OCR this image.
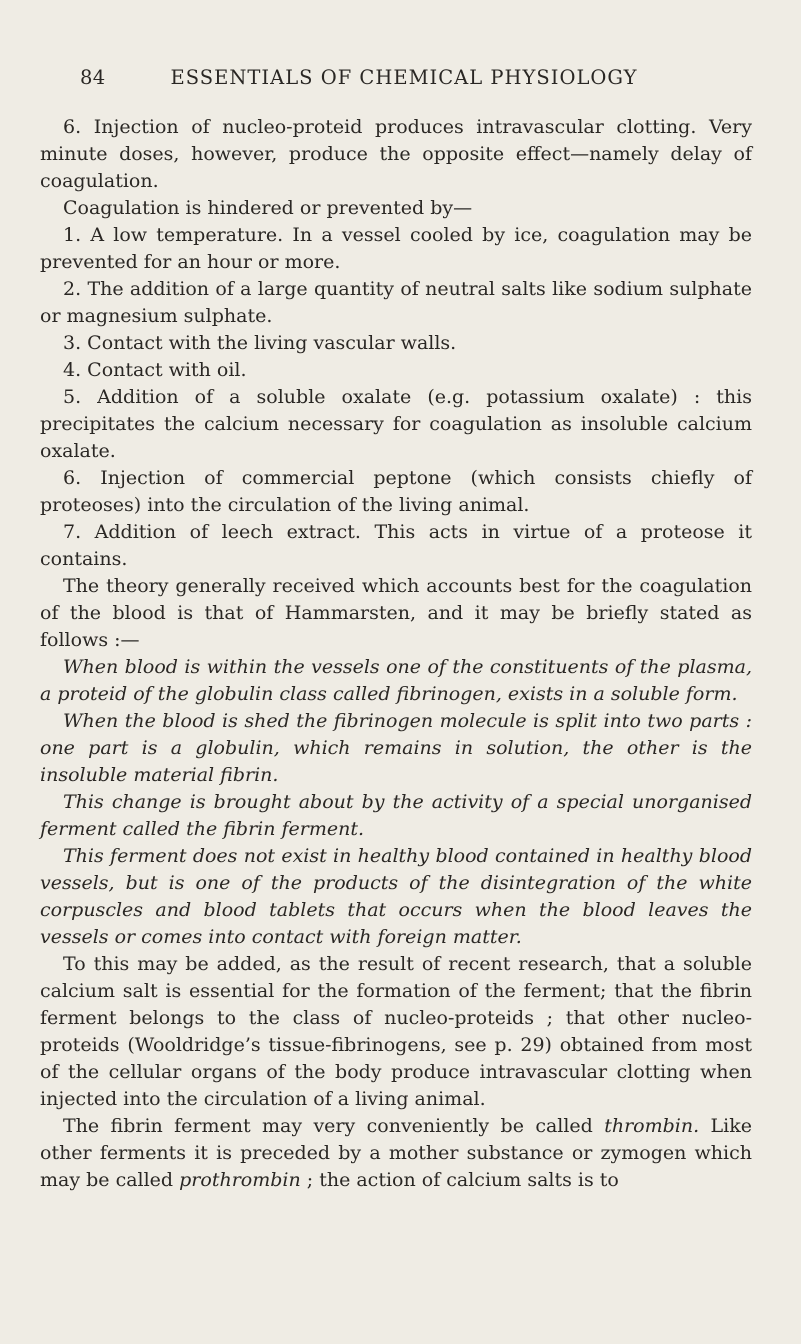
84	ESSENTIALS OF CHEMICAL PHYSIOLOGY

6. Injection of nucleo-proteid produces intravascular clotting. Very minute doses, however, produce the opposite effect—namely delay of coagulation.

Coagulation is hindered or prevented by—

1. A low temperature. In a vessel cooled by ice, coagulation may be prevented for an hour or more.

2. The addition of a large quantity of neutral salts like sodium sulphate or magnesium sulphate.

3. Contact with the living vascular walls.

4. Contact with oil.

5. Addition of a soluble oxalate (e.g. potassium oxalate) : this precipitates the calcium necessary for coagulation as insoluble calcium oxalate.

6. Injection of commercial peptone (which consists chiefly of proteoses) into the circulation of the living animal.

7. Addition of leech extract. This acts in virtue of a proteose it contains.

The theory generally received which accounts best for the coagulation of the blood is that of Hammarsten, and it may be briefly stated as follows :—

When blood is within the vessels one of the constituents of the plasma, a proteid of the globulin class called fibrinogen, exists in a soluble form.

When the blood is shed the fibrinogen molecule is split into two parts : one part is a globulin, which remains in solution, the other is the insoluble material fibrin.

This change is brought about by the activity of a special unorganised ferment called the fibrin ferment.

This ferment does not exist in healthy blood contained in healthy blood vessels, but is one of the products of the disintegration of the white corpuscles and blood tablets that occurs when the blood leaves the vessels or comes into contact with foreign matter.

To this may be added, as the result of recent research, that a soluble calcium salt is essential for the formation of the ferment; that the fibrin ferment belongs to the class of nucleo-proteids ; that other nucleo-proteids (Wooldridge’s tissue-fibrinogens, see p. 29) obtained from most of the cellular organs of the body produce intravascular clotting when injected into the circulation of a living animal.

The fibrin ferment may very conveniently be called thrombin. Like other ferments it is preceded by a mother substance or zymogen which may be called prothrombin ; the action of calcium salts is to
